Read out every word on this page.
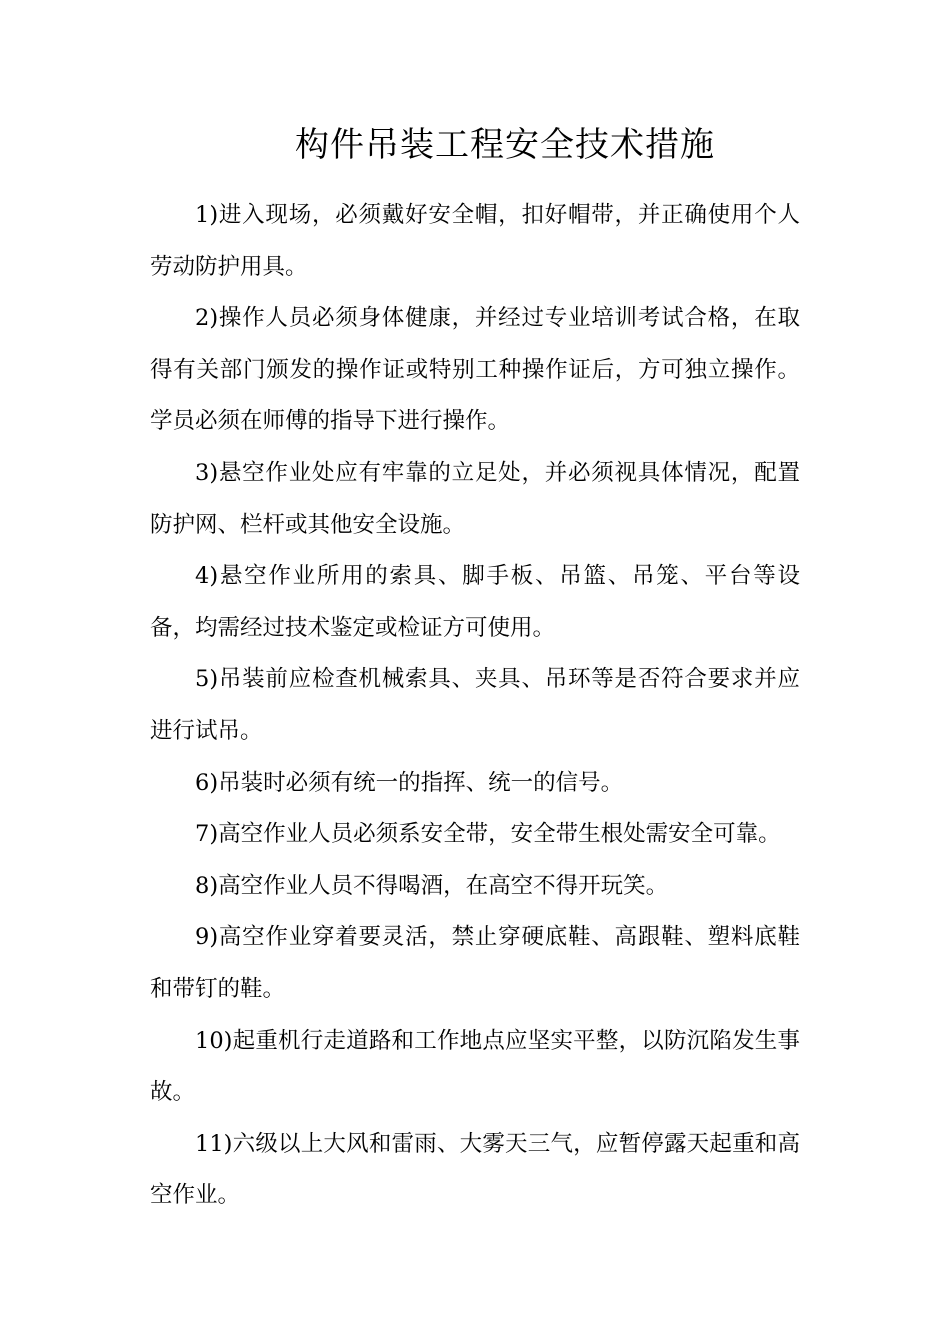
构件吊装工程安全技术措施

1)进入现场，必须戴好安全帽，扣好帽带，并正确使用个人劳动防护用具。

2)操作人员必须身体健康，并经过专业培训考试合格，在取得有关部门颁发的操作证或特别工种操作证后，方可独立操作。学员必须在师傅的指导下进行操作。

3)悬空作业处应有牢靠的立足处，并必须视具体情况，配置防护网、栏杆或其他安全设施。

4)悬空作业所用的索具、脚手板、吊篮、吊笼、平台等设备，均需经过技术鉴定或检证方可使用。

5)吊装前应检查机械索具、夹具、吊环等是否符合要求并应进行试吊。

6)吊装时必须有统一的指挥、统一的信号。

7)高空作业人员必须系安全带，安全带生根处需安全可靠。

8)高空作业人员不得喝酒，在高空不得开玩笑。

9)高空作业穿着要灵活，禁止穿硬底鞋、高跟鞋、塑料底鞋和带钉的鞋。

10)起重机行走道路和工作地点应坚实平整，以防沉陷发生事故。

11)六级以上大风和雷雨、大雾天三气，应暂停露天起重和高空作业。
